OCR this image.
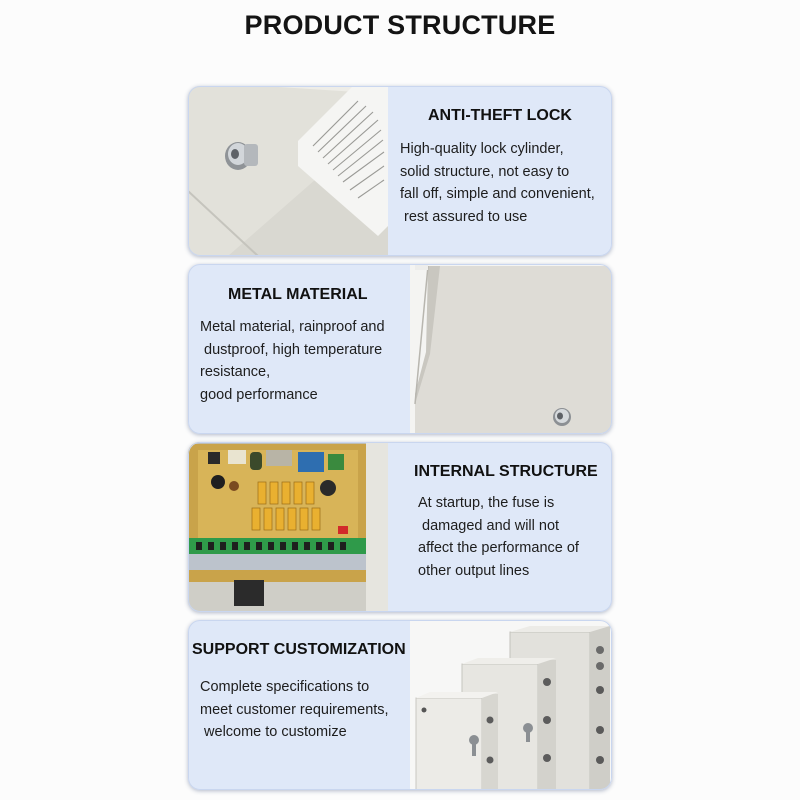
PRODUCT STRUCTURE
ANTI-THEFT LOCK
High-quality lock cylinder,
solid structure, not easy to
fall off, simple and convenient,
rest assured to use
METAL MATERIAL
Metal material, rainproof and
dustproof, high temperature
resistance,
good performance
INTERNAL STRUCTURE
At startup, the fuse is
damaged and will not
affect the performance of
other output lines
SUPPORT CUSTOMIZATION
Complete specifications to
meet customer requirements,
welcome to customize
